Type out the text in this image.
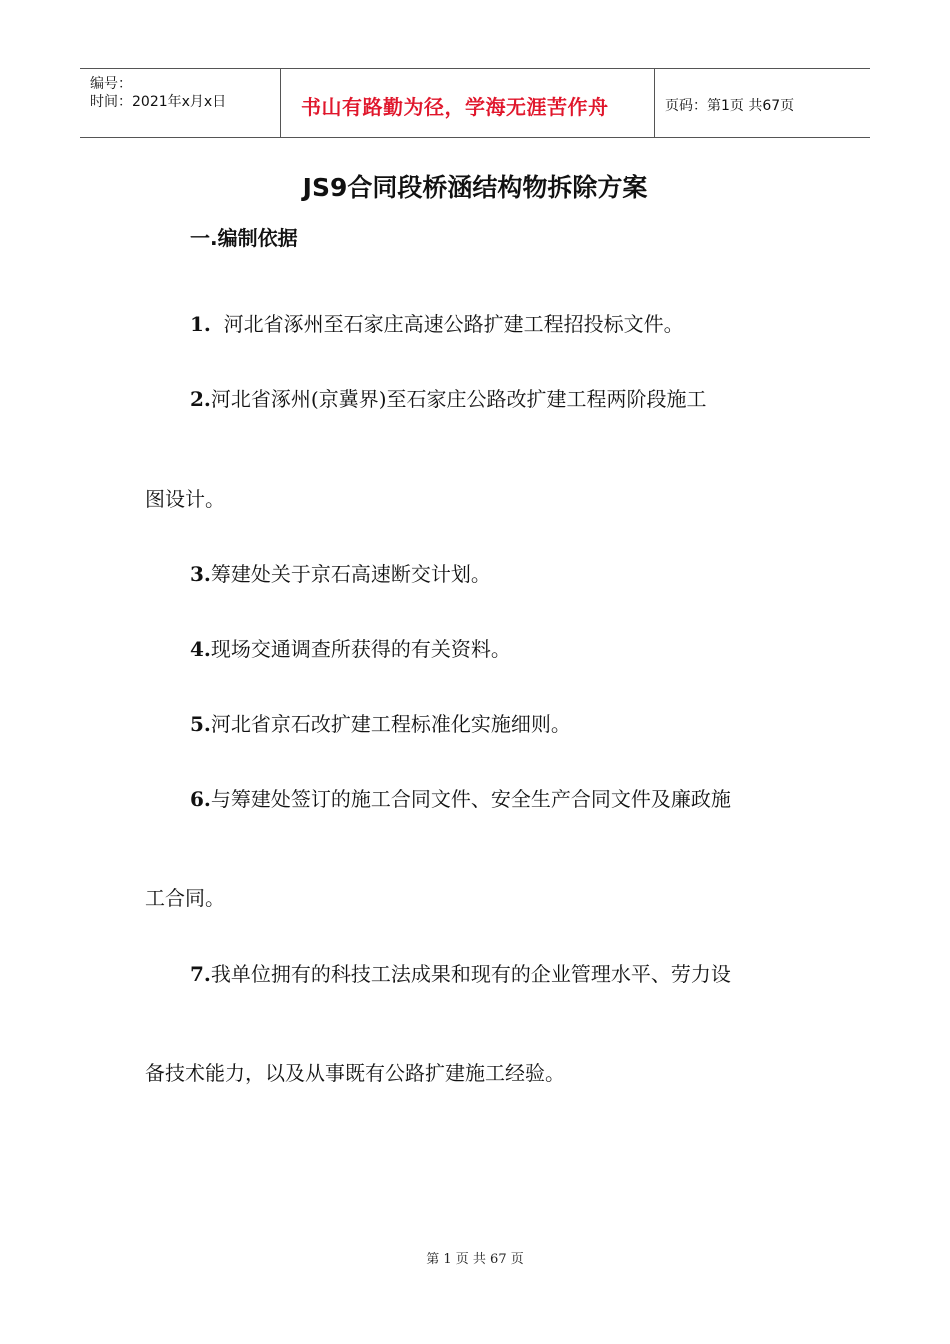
编号：
时间：2021年x月x日	书山有路勤为径，学海无涯苦作舟	页码：第1页 共67页
JS9合同段桥涵结构物拆除方案
一.编制依据
1.  河北省涿州至石家庄高速公路扩建工程招投标文件。
2.河北省涿州(京冀界)至石家庄公路改扩建工程两阶段施工
图设计。
3.筹建处关于京石高速断交计划。
4.现场交通调查所获得的有关资料。
5.河北省京石改扩建工程标准化实施细则。
6.与筹建处签订的施工合同文件、安全生产合同文件及廉政施
工合同。
7.我单位拥有的科技工法成果和现有的企业管理水平、劳力设
备技术能力，以及从事既有公路扩建施工经验。
第 1 页 共 67 页
